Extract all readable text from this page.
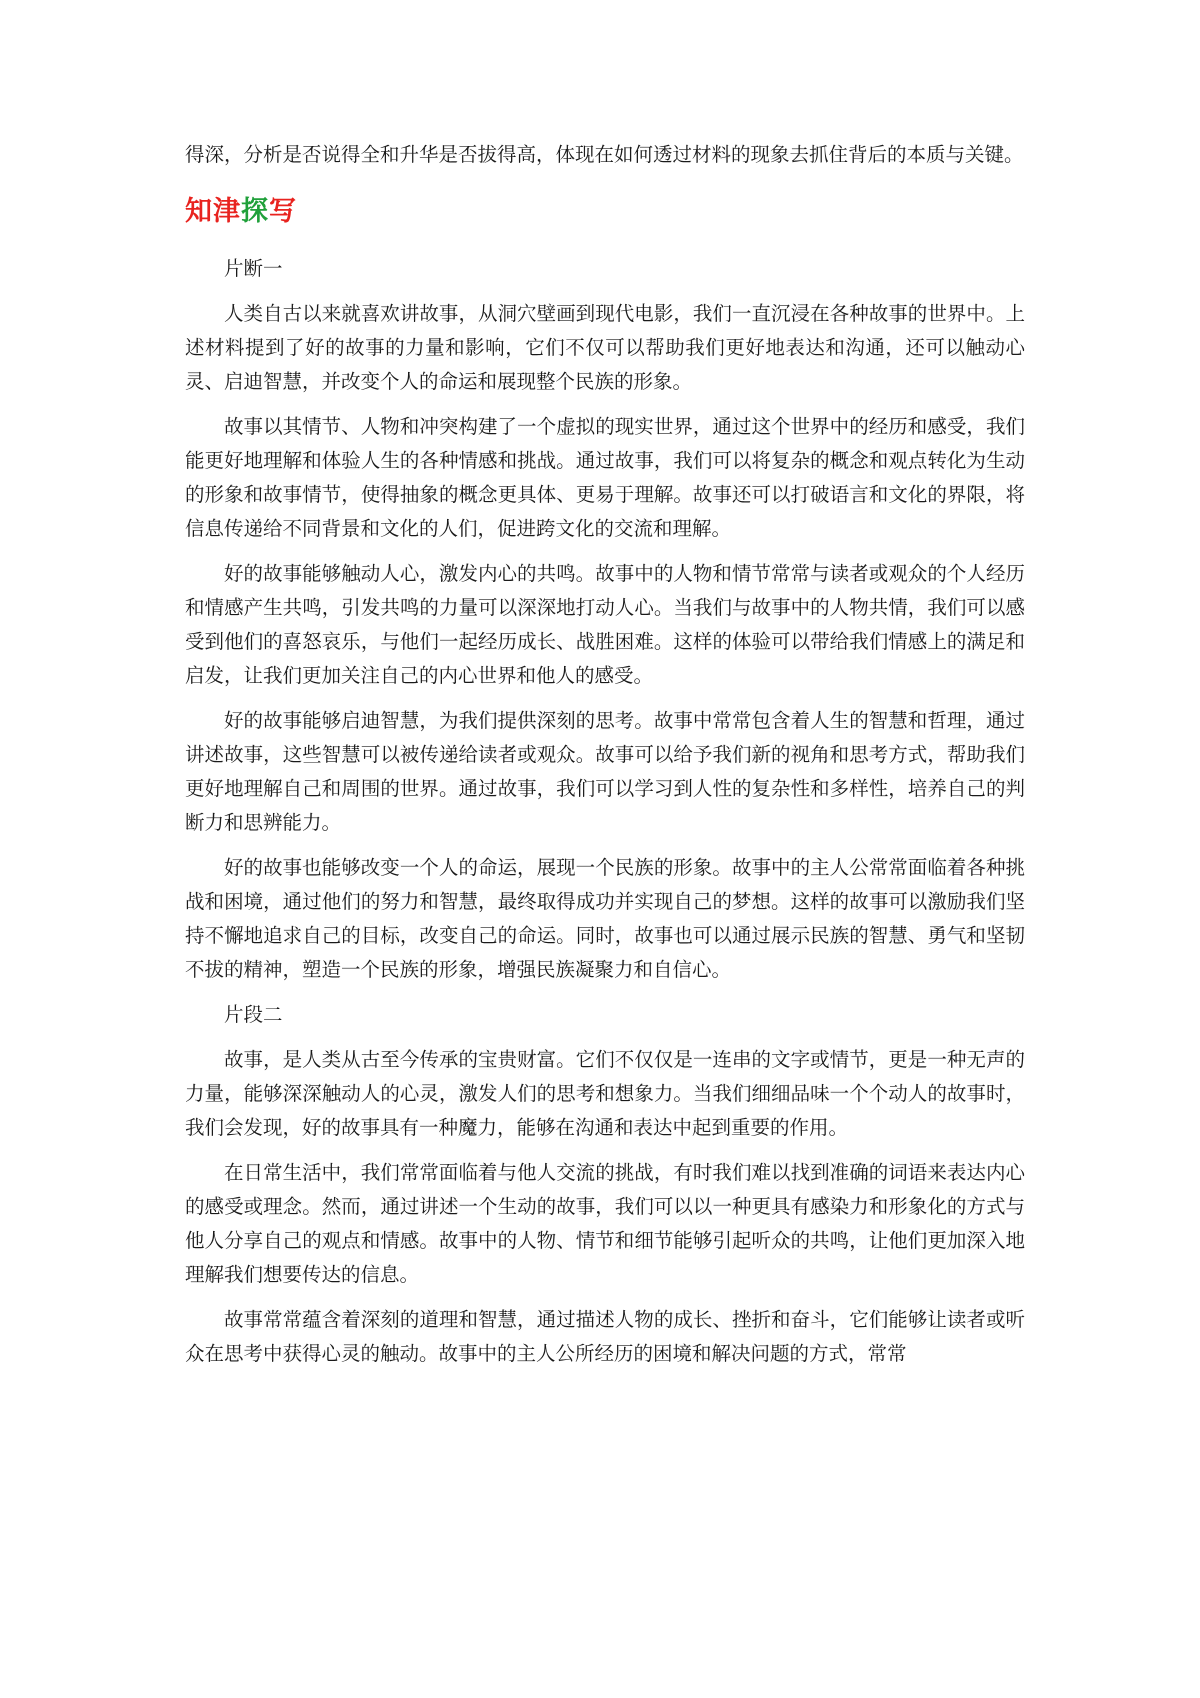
得深，分析是否说得全和升华是否拔得高，体现在如何透过材料的现象去抓住背后的本质与关键。

知津探写

片断一

人类自古以来就喜欢讲故事，从洞穴壁画到现代电影，我们一直沉浸在各种故事的世界中。上述材料提到了好的故事的力量和影响，它们不仅可以帮助我们更好地表达和沟通，还可以触动心灵、启迪智慧，并改变个人的命运和展现整个民族的形象。

故事以其情节、人物和冲突构建了一个虚拟的现实世界，通过这个世界中的经历和感受，我们能更好地理解和体验人生的各种情感和挑战。通过故事，我们可以将复杂的概念和观点转化为生动的形象和故事情节，使得抽象的概念更具体、更易于理解。故事还可以打破语言和文化的界限，将信息传递给不同背景和文化的人们，促进跨文化的交流和理解。

好的故事能够触动人心，激发内心的共鸣。故事中的人物和情节常常与读者或观众的个人经历和情感产生共鸣，引发共鸣的力量可以深深地打动人心。当我们与故事中的人物共情，我们可以感受到他们的喜怒哀乐，与他们一起经历成长、战胜困难。这样的体验可以带给我们情感上的满足和启发，让我们更加关注自己的内心世界和他人的感受。

好的故事能够启迪智慧，为我们提供深刻的思考。故事中常常包含着人生的智慧和哲理，通过讲述故事，这些智慧可以被传递给读者或观众。故事可以给予我们新的视角和思考方式，帮助我们更好地理解自己和周围的世界。通过故事，我们可以学习到人性的复杂性和多样性，培养自己的判断力和思辨能力。

好的故事也能够改变一个人的命运，展现一个民族的形象。故事中的主人公常常面临着各种挑战和困境，通过他们的努力和智慧，最终取得成功并实现自己的梦想。这样的故事可以激励我们坚持不懈地追求自己的目标，改变自己的命运。同时，故事也可以通过展示民族的智慧、勇气和坚韧不拔的精神，塑造一个民族的形象，增强民族凝聚力和自信心。

片段二

故事，是人类从古至今传承的宝贵财富。它们不仅仅是一连串的文字或情节，更是一种无声的力量，能够深深触动人的心灵，激发人们的思考和想象力。当我们细细品味一个个动人的故事时，我们会发现，好的故事具有一种魔力，能够在沟通和表达中起到重要的作用。

在日常生活中，我们常常面临着与他人交流的挑战，有时我们难以找到准确的词语来表达内心的感受或理念。然而，通过讲述一个生动的故事，我们可以以一种更具有感染力和形象化的方式与他人分享自己的观点和情感。故事中的人物、情节和细节能够引起听众的共鸣，让他们更加深入地理解我们想要传达的信息。

故事常常蕴含着深刻的道理和智慧，通过描述人物的成长、挫折和奋斗，它们能够让读者或听众在思考中获得心灵的触动。故事中的主人公所经历的困境和解决问题的方式，常常
